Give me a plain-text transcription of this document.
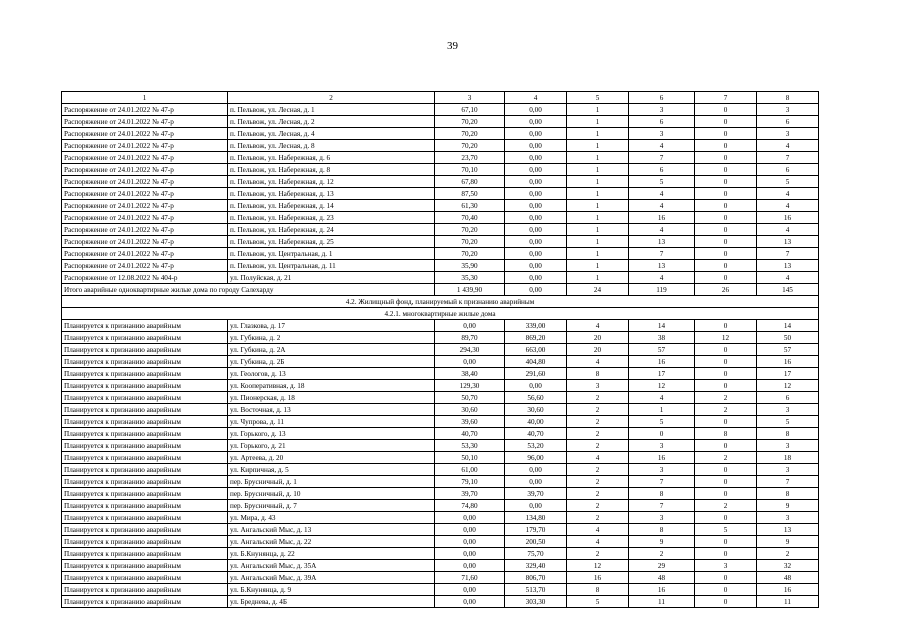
39
1	2	3	4	5	6	7	8
Распоряжение от 24.01.2022 № 47-р	п. Пельвож, ул. Лесная, д. 1	67,10	0,00	1	3	0	3
Распоряжение от 24.01.2022 № 47-р	п. Пельвож, ул. Лесная, д. 2	70,20	0,00	1	6	0	6
Распоряжение от 24.01.2022 № 47-р	п. Пельвож, ул. Лесная, д. 4	70,20	0,00	1	3	0	3
Распоряжение от 24.01.2022 № 47-р	п. Пельвож, ул. Лесная, д. 8	70,20	0,00	1	4	0	4
Распоряжение от 24.01.2022 № 47-р	п. Пельвож, ул. Набережная, д. 6	23,70	0,00	1	7	0	7
Распоряжение от 24.01.2022 № 47-р	п. Пельвож, ул. Набережная, д. 8	70,10	0,00	1	6	0	6
Распоряжение от 24.01.2022 № 47-р	п. Пельвож, ул. Набережная, д. 12	67,80	0,00	1	5	0	5
Распоряжение от 24.01.2022 № 47-р	п. Пельвож, ул. Набережная, д. 13	87,50	0,00	1	4	0	4
Распоряжение от 24.01.2022 № 47-р	п. Пельвож, ул. Набережная, д. 14	61,30	0,00	1	4	0	4
Распоряжение от 24.01.2022 № 47-р	п. Пельвож, ул. Набережная, д. 23	70,40	0,00	1	16	0	16
Распоряжение от 24.01.2022 № 47-р	п. Пельвож, ул. Набережная, д. 24	70,20	0,00	1	4	0	4
Распоряжение от 24.01.2022 № 47-р	п. Пельвож, ул. Набережная, д. 25	70,20	0,00	1	13	0	13
Распоряжение от 24.01.2022 № 47-р	п. Пельвож, ул. Центральная, д. 1	70,20	0,00	1	7	0	7
Распоряжение от 24.01.2022 № 47-р	п. Пельвож, ул. Центральная, д. 11	35,90	0,00	1	13	0	13
Распоряжение от 12.08.2022 № 404-р	ул. Полуйская, д. 21	35,30	0,00	1	4	0	4
Итого аварийные одноквартирные жилые дома по городу Салехарду		1 439,90	0,00	24	119	26	145
4.2. Жилищный фонд, планируемый к признанию аварийным							
4.2.1. многоквартирные жилые дома							
Планируется к признанию аварийным	ул. Глазкова, д. 17	0,00	339,00	4	14	0	14
Планируется к признанию аварийным	ул. Губкина, д. 2	89,70	869,20	20	38	12	50
Планируется к признанию аварийным	ул. Губкина, д. 2А	294,30	663,00	20	57	0	57
Планируется к признанию аварийным	ул. Губкина, д. 2Б	0,00	404,80	4	16	0	16
Планируется к признанию аварийным	ул. Геологов, д. 13	38,40	291,60	8	17	0	17
Планируется к признанию аварийным	ул. Кооперативная, д. 18	129,30	0,00	3	12	0	12
Планируется к признанию аварийным	ул. Пионерская, д. 18	50,70	56,60	2	4	2	6
Планируется к признанию аварийным	ул. Восточная, д. 13	30,60	30,60	2	1	2	3
Планируется к признанию аварийным	ул. Чупрова, д. 11	39,60	40,00	2	5	0	5
Планируется к признанию аварийным	ул. Горького, д. 13	40,70	40,70	2	0	8	8
Планируется к признанию аварийным	ул. Горького, д. 21	53,30	53,20	2	3	0	3
Планируется к признанию аварийным	ул. Артеева, д. 20	50,10	96,00	4	16	2	18
Планируется к признанию аварийным	ул. Кирпичная, д. 5	61,00	0,00	2	3	0	3
Планируется к признанию аварийным	пер. Брусничный, д. 1	79,10	0,00	2	7	0	7
Планируется к признанию аварийным	пер. Брусничный, д. 10	39,70	39,70	2	8	0	8
Планируется к признанию аварийным	пер. Брусничный, д. 7	74,80	0,00	2	7	2	9
Планируется к признанию аварийным	ул. Мира, д. 43	0,00	134,80	2	3	0	3
Планируется к признанию аварийным	ул. Ангальский Мыс, д. 13	0,00	179,70	4	8	5	13
Планируется к признанию аварийным	ул. Ангальский Мыс, д. 22	0,00	200,50	4	9	0	9
Планируется к признанию аварийным	ул. Б.Кнунянца, д. 22	0,00	75,70	2	2	0	2
Планируется к признанию аварийным	ул. Ангальский Мыс, д. 35А	0,00	329,40	12	29	3	32
Планируется к признанию аварийным	ул. Ангальский Мыс, д. 39А	71,60	806,70	16	48	0	48
Планируется к признанию аварийным	ул. Б.Кнунянца, д. 9	0,00	513,70	8	16	0	16
Планируется к признанию аварийным	ул. Бреднева, д. 4Б	0,00	303,30	5	11	0	11
